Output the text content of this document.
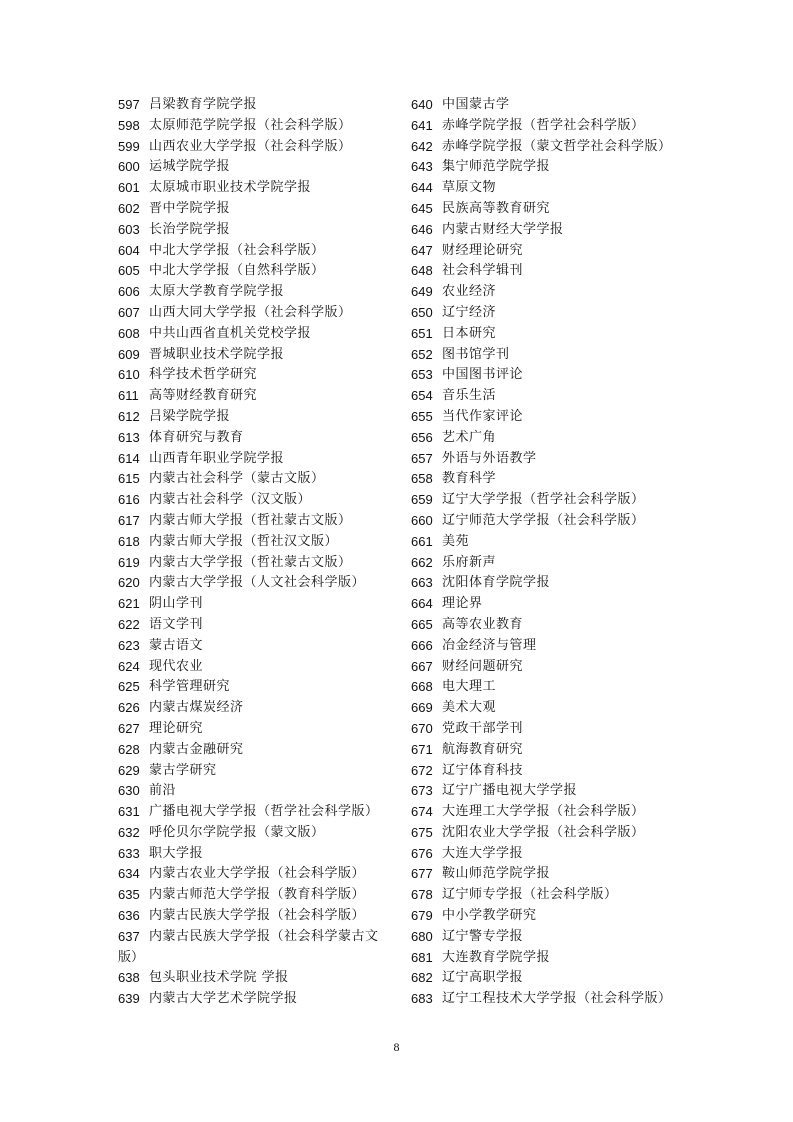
597 吕梁教育学院学报
598 太原师范学院学报（社会科学版）
599 山西农业大学学报（社会科学版）
600 运城学院学报
601 太原城市职业技术学院学报
602 晋中学院学报
603 长治学院学报
604 中北大学学报（社会科学版）
605 中北大学学报（自然科学版）
606 太原大学教育学院学报
607 山西大同大学学报（社会科学版）
608 中共山西省直机关党校学报
609 晋城职业技术学院学报
610 科学技术哲学研究
611 高等财经教育研究
612 吕梁学院学报
613 体育研究与教育
614 山西青年职业学院学报
615 内蒙古社会科学（蒙古文版）
616 内蒙古社会科学（汉文版）
617 内蒙古师大学报（哲社蒙古文版）
618 内蒙古师大学报（哲社汉文版）
619 内蒙古大学学报（哲社蒙古文版）
620 内蒙古大学学报（人文社会科学版）
621 阴山学刊
622 语文学刊
623 蒙古语文
624 现代农业
625 科学管理研究
626 内蒙古煤炭经济
627 理论研究
628 内蒙古金融研究
629 蒙古学研究
630 前沿
631 广播电视大学学报（哲学社会科学版）
632 呼伦贝尔学院学报（蒙文版）
633 职大学报
634 内蒙古农业大学学报（社会科学版）
635 内蒙古师范大学学报（教育科学版）
636 内蒙古民族大学学报（社会科学版）
637 内蒙古民族大学学报（社会科学蒙古文
版）
638 包头职业技术学院 学报
639 内蒙古大学艺术学院学报
640 中国蒙古学
641 赤峰学院学报（哲学社会科学版）
642 赤峰学院学报（蒙文哲学社会科学版）
643 集宁师范学院学报
644 草原文物
645 民族高等教育研究
646 内蒙古财经大学学报
647 财经理论研究
648 社会科学辑刊
649 农业经济
650 辽宁经济
651 日本研究
652 图书馆学刊
653 中国图书评论
654 音乐生活
655 当代作家评论
656 艺术广角
657 外语与外语教学
658 教育科学
659 辽宁大学学报（哲学社会科学版）
660 辽宁师范大学学报（社会科学版）
661 美苑
662 乐府新声
663 沈阳体育学院学报
664 理论界
665 高等农业教育
666 冶金经济与管理
667 财经问题研究
668 电大理工
669 美术大观
670 党政干部学刊
671 航海教育研究
672 辽宁体育科技
673 辽宁广播电视大学学报
674 大连理工大学学报（社会科学版）
675 沈阳农业大学学报（社会科学版）
676 大连大学学报
677 鞍山师范学院学报
678 辽宁师专学报（社会科学版）
679 中小学教学研究
680 辽宁警专学报
681 大连教育学院学报
682 辽宁高职学报
683 辽宁工程技术大学学报（社会科学版）
8
